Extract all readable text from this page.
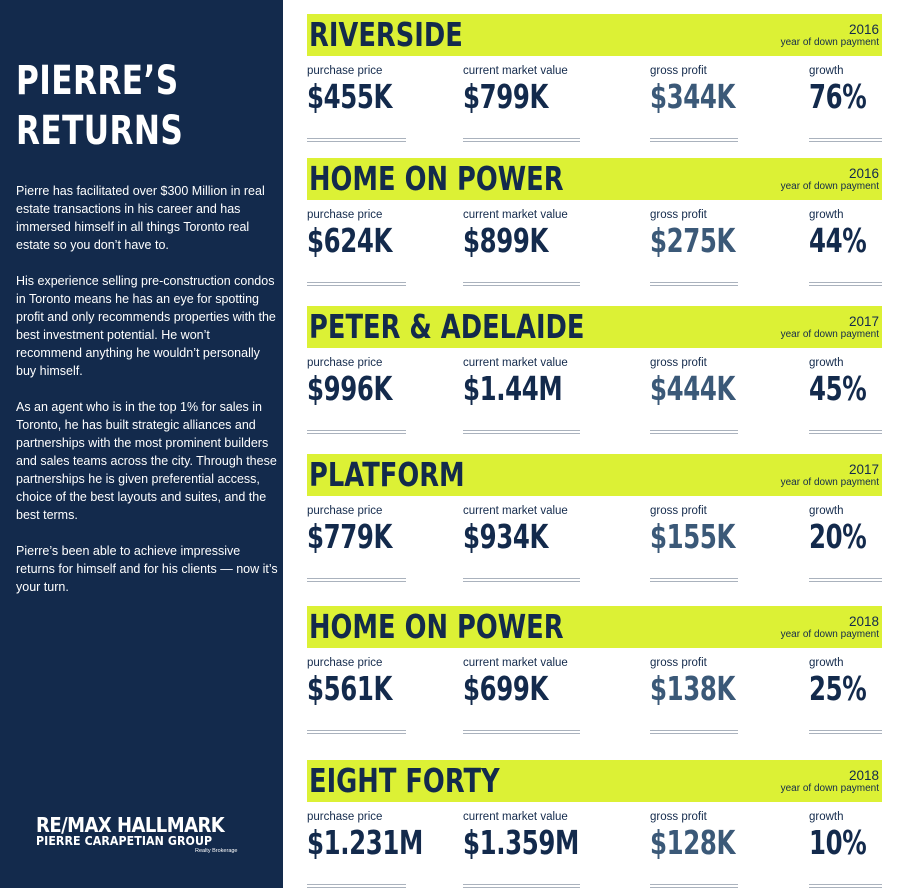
PIERRE’S
RETURNS

Pierre has facilitated over $300 Million in real estate transactions in his career and has immersed himself in all things Toronto real estate so you don’t have to.

His experience selling pre-construction condos in Toronto means he has an eye for spotting profit and only recommends properties with the best investment potential. He won’t recommend anything he wouldn’t personally buy himself.

As an agent who is in the top 1% for sales in Toronto, he has built strategic alliances and partnerships with the most prominent builders and sales teams across the city. Through these partnerships he is given preferential access, choice of the best layouts and suites, and the best terms.

Pierre’s been able to achieve impressive returns for himself and for his clients — now it’s your turn.

RE/MAX HALLMARK
PIERRE CARAPETIAN GROUP
Realty Brokerage
RIVERSIDE	2016
year of down payment
purchase price
$455K
current market value
$799K
gross profit
$344K
growth
76%
HOME ON POWER	2016
year of down payment
purchase price
$624K
current market value
$899K
gross profit
$275K
growth
44%
PETER & ADELAIDE	2017
year of down payment
purchase price
$996K
current market value
$1.44M
gross profit
$444K
growth
45%
PLATFORM	2017
year of down payment
purchase price
$779K
current market value
$934K
gross profit
$155K
growth
20%
HOME ON POWER	2018
year of down payment
purchase price
$561K
current market value
$699K
gross profit
$138K
growth
25%
EIGHT FORTY	2018
year of down payment
purchase price
$1.231M
current market value
$1.359M
gross profit
$128K
growth
10%
